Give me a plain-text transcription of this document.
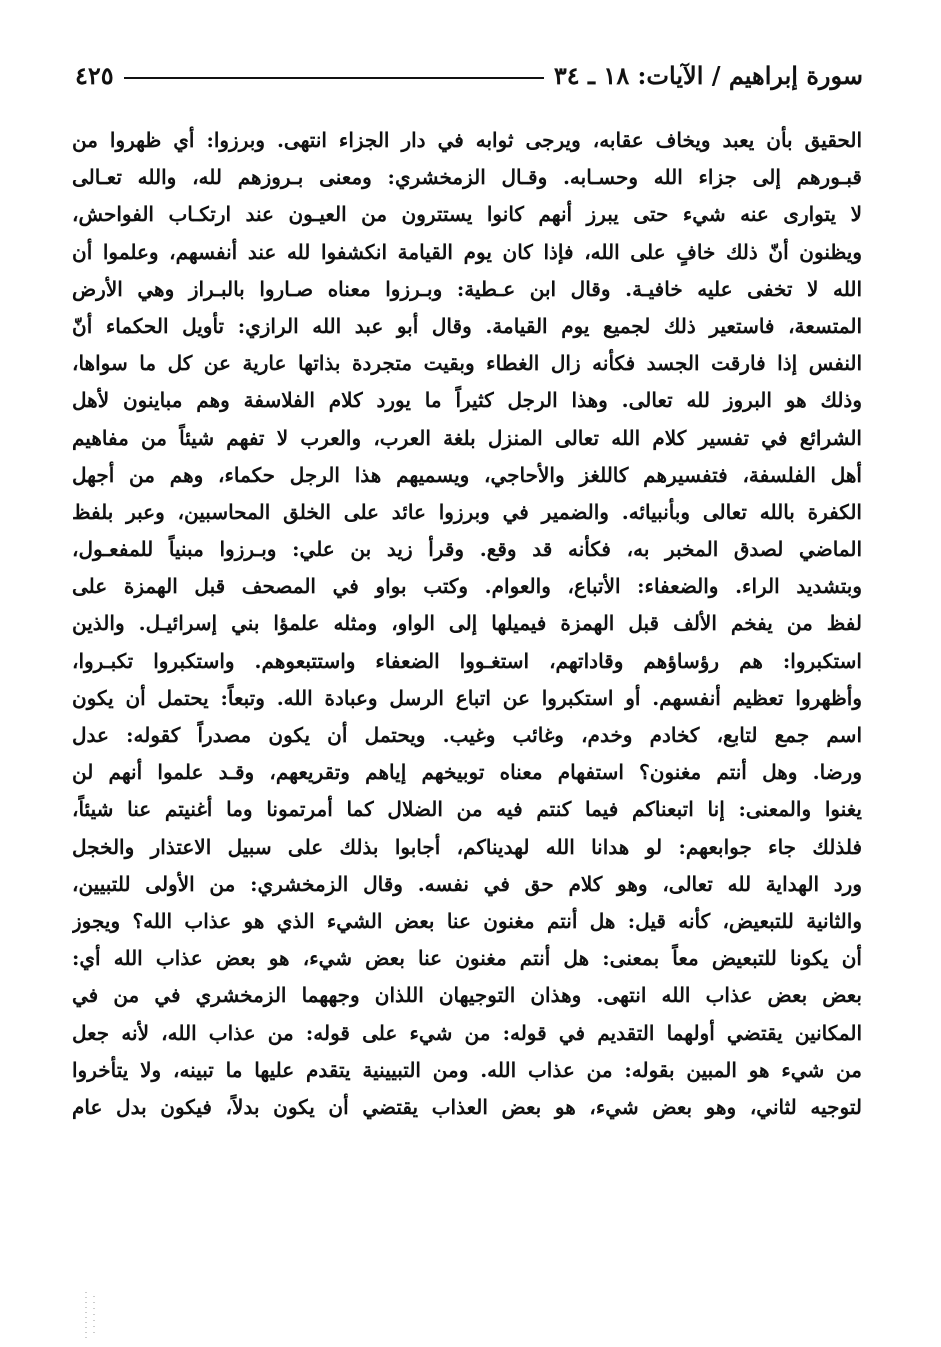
سورة إبراهيم / الآيات: ١٨ ـ ٣٤
٤٢٥
الحقيق بأن يعبد ويخاف عقابه، ويرجى ثوابه في دار الجزاء انتهى. وبرزوا: أي ظهروا من
قبـورهم إلى جزاء الله وحسـابه. وقـال الزمخشري: ومعنى بـروزهم لله، والله تعـالى
لا يتوارى عنه شيء حتى يبرز أنهم كانوا يستترون من العيـون عند ارتكـاب الفواحش،
ويظنون أنّ ذلك خافٍ على الله، فإذا كان يوم القيامة انكشفوا لله عند أنفسهم، وعلموا أن
الله لا تخفى عليه خافيـة. وقال ابن عـطية: وبـرزوا معناه صـاروا بالبـراز وهي الأرض
المتسعة، فاستعير ذلك لجميع يوم القيامة. وقال أبو عبد الله الرازي: تأويل الحكماء أنّ
النفس إذا فارقت الجسد فكأنه زال الغطاء وبقيت متجردة بذاتها عارية عن كل ما سواها،
وذلك هو البروز لله تعالى. وهذا الرجل كثيراً ما يورد كلام الفلاسفة وهم مباينون لأهل
الشرائع في تفسير كلام الله تعالى المنزل بلغة العرب، والعرب لا تفهم شيئاً من مفاهيم
أهل الفلسفة، فتفسيرهم كاللغز والأحاجي، ويسميهم هذا الرجل حكماء، وهم من أجهل
الكفرة بالله تعالى وبأنبيائه. والضمير في وبرزوا عائد على الخلق المحاسبين، وعبر بلفظ
الماضي لصدق المخبر به، فكأنه قد وقع. وقرأ زيد بن علي: وبـرزوا مبنياً للمفعـول،
وبتشديد الراء. والضعفاء: الأتباع، والعوام. وكتب بواو في المصحف قبل الهمزة على
لفظ من يفخم الألف قبل الهمزة فيميلها إلى الواو، ومثله علمؤا بني إسرائيـل. والذين
استكبروا: هم رؤساؤهم وقاداتهم، استغـووا الضعفاء واستتبعوهم. واستكبروا تكبـروا،
وأظهروا تعظيم أنفسهم. أو استكبروا عن اتباع الرسل وعبادة الله. وتبعاً: يحتمل أن يكون
اسم جمع لتابع، كخادم وخدم، وغائب وغيب. ويحتمل أن يكون مصدراً كقوله: عدل
ورضا. وهل أنتم مغنون؟ استفهام معناه توبيخهم إياهم وتقريعهم، وقـد علموا أنهم لن
يغنوا والمعنى: إنا اتبعناكم فيما كنتم فيه من الضلال كما أمرتمونا وما أغنيتم عنا شيئاً،
فلذلك جاء جوابعهم: لو هدانا الله لهديناكم، أجابوا بذلك على سبيل الاعتذار والخجل
ورد الهداية لله تعالى، وهو كلام حق في نفسه. وقال الزمخشري: من الأولى للتبيين،
والثانية للتبعيض، كأنه قيل: هل أنتم مغنون عنا بعض الشيء الذي هو عذاب الله؟ ويجوز
أن يكونا للتبعيض معاً بمعنى: هل أنتم مغنون عنا بعض شيء، هو بعض عذاب الله أي:
بعض بعض عذاب الله انتهى. وهذان التوجيهان اللذان وجههما الزمخشري في من في
المكانين يقتضي أولهما التقديم في قوله: من شيء على قوله: من عذاب الله، لأنه جعل
من شيء هو المبين بقوله: من عذاب الله. ومن التبيينية يتقدم عليها ما تبينه، ولا يتأخروا
لتوجيه لثاني، وهو بعض شيء، هو بعض العذاب يقتضي أن يكون بدلاً، فيكون بدل عام
